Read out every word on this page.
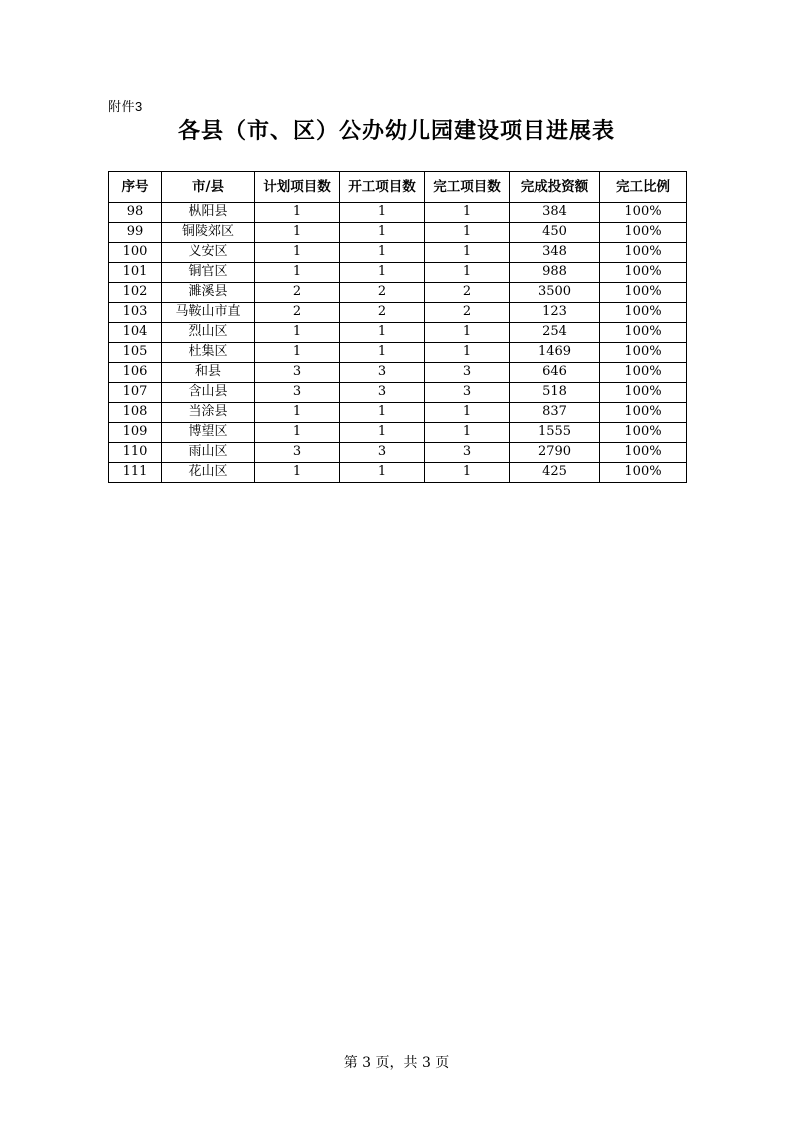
附件3
各县（市、区）公办幼儿园建设项目进展表
序号	市/县	计划项目数	开工项目数	完工项目数	完成投资额	完工比例
98	枞阳县	1	1	1	384	100%
99	铜陵郊区	1	1	1	450	100%
100	义安区	1	1	1	348	100%
101	铜官区	1	1	1	988	100%
102	濉溪县	2	2	2	3500	100%
103	马鞍山市直	2	2	2	123	100%
104	烈山区	1	1	1	254	100%
105	杜集区	1	1	1	1469	100%
106	和县	3	3	3	646	100%
107	含山县	3	3	3	518	100%
108	当涂县	1	1	1	837	100%
109	博望区	1	1	1	1555	100%
110	雨山区	3	3	3	2790	100%
111	花山区	1	1	1	425	100%
第 3 页，共 3 页
